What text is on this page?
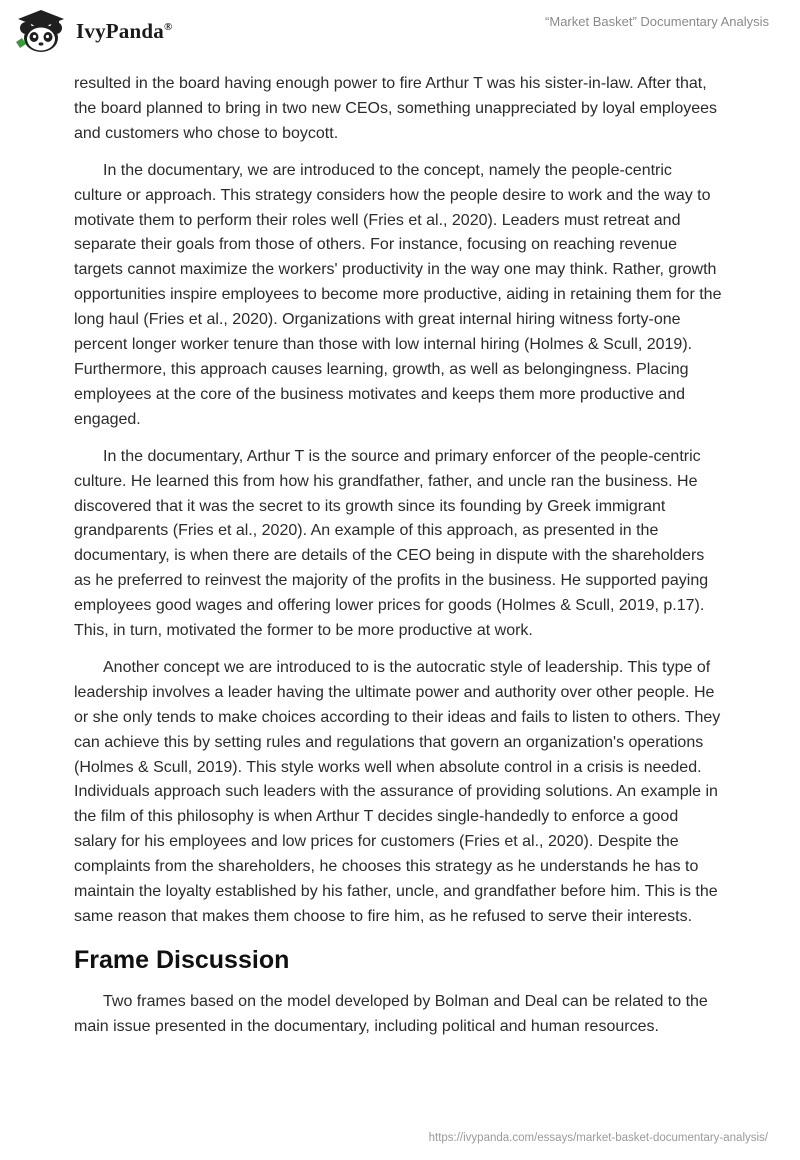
IvyPanda®	“Market Basket” Documentary Analysis

resulted in the board having enough power to fire Arthur T was his sister-in-law. After that, the board planned to bring in two new CEOs, something unappreciated by loyal employees and customers who chose to boycott.

In the documentary, we are introduced to the concept, namely the people-centric culture or approach. This strategy considers how the people desire to work and the way to motivate them to perform their roles well (Fries et al., 2020). Leaders must retreat and separate their goals from those of others. For instance, focusing on reaching revenue targets cannot maximize the workers' productivity in the way one may think. Rather, growth opportunities inspire employees to become more productive, aiding in retaining them for the long haul (Fries et al., 2020). Organizations with great internal hiring witness forty-one percent longer worker tenure than those with low internal hiring (Holmes & Scull, 2019). Furthermore, this approach causes learning, growth, as well as belongingness. Placing employees at the core of the business motivates and keeps them more productive and engaged.

In the documentary, Arthur T is the source and primary enforcer of the people-centric culture. He learned this from how his grandfather, father, and uncle ran the business. He discovered that it was the secret to its growth since its founding by Greek immigrant grandparents (Fries et al., 2020). An example of this approach, as presented in the documentary, is when there are details of the CEO being in dispute with the shareholders as he preferred to reinvest the majority of the profits in the business. He supported paying employees good wages and offering lower prices for goods (Holmes & Scull, 2019, p.17). This, in turn, motivated the former to be more productive at work.

Another concept we are introduced to is the autocratic style of leadership. This type of leadership involves a leader having the ultimate power and authority over other people. He or she only tends to make choices according to their ideas and fails to listen to others. They can achieve this by setting rules and regulations that govern an organization's operations (Holmes & Scull, 2019). This style works well when absolute control in a crisis is needed. Individuals approach such leaders with the assurance of providing solutions. An example in the film of this philosophy is when Arthur T decides single-handedly to enforce a good salary for his employees and low prices for customers (Fries et al., 2020). Despite the complaints from the shareholders, he chooses this strategy as he understands he has to maintain the loyalty established by his father, uncle, and grandfather before him. This is the same reason that makes them choose to fire him, as he refused to serve their interests.

Frame Discussion

Two frames based on the model developed by Bolman and Deal can be related to the main issue presented in the documentary, including political and human resources.

https://ivypanda.com/essays/market-basket-documentary-analysis/
